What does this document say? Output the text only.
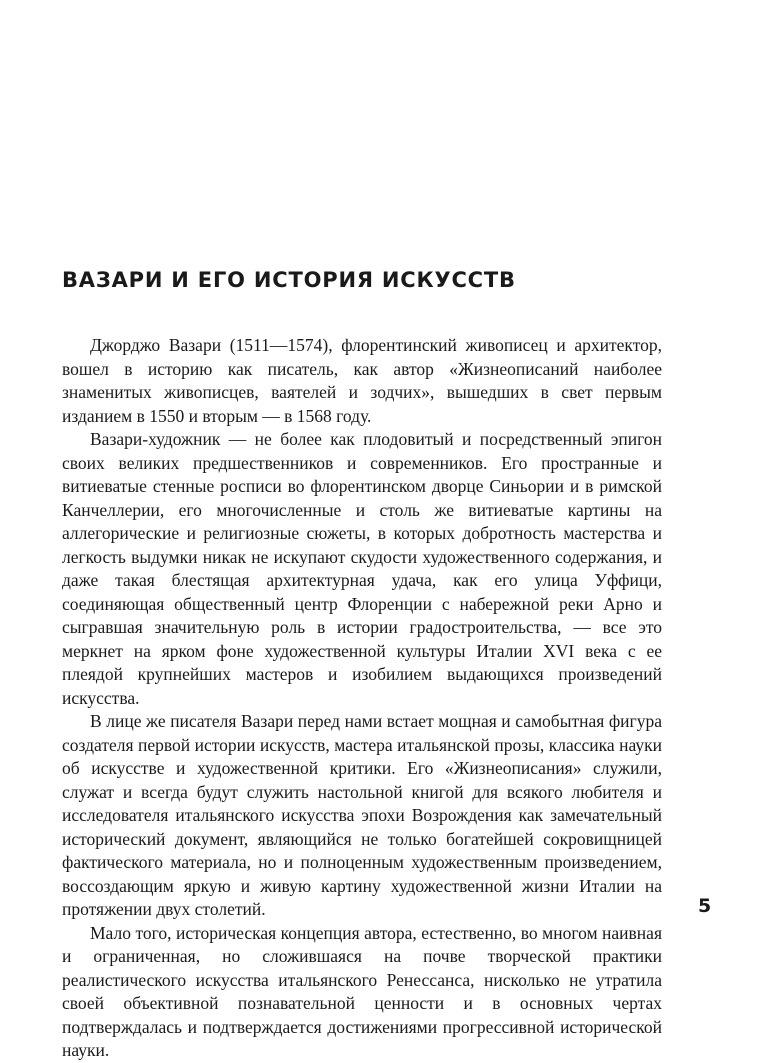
ВАЗАРИ И ЕГО ИСТОРИЯ ИСКУССТВ

Джорджо Вазари (1511—1574), флорентинский живописец и архитектор, вошел в историю как писатель, как автор «Жизнеописаний наиболее знаменитых живописцев, ваятелей и зодчих», вышедших в свет первым изданием в 1550 и вторым — в 1568 году.

Вазари-художник — не более как плодовитый и посредственный эпигон своих великих предшественников и современников. Его пространные и витиеватые стенные росписи во флорентинском дворце Синьории и в римской Канчеллерии, его многочисленные и столь же витиеватые картины на аллегорические и религиозные сюжеты, в которых добротность мастерства и легкость выдумки никак не искупают скудости художественного содержания, и даже такая блестящая архитектурная удача, как его улица Уффици, соединяющая общественный центр Флоренции с набережной реки Арно и сыгравшая значительную роль в истории градостроительства, — все это меркнет на ярком фоне художественной культуры Италии XVI века с ее плеядой крупнейших мастеров и изобилием выдающихся произведений искусства.

В лице же писателя Вазари перед нами встает мощная и самобытная фигура создателя первой истории искусств, мастера итальянской прозы, классика науки об искусстве и художественной критики. Его «Жизнеописания» служили, служат и всегда будут служить настольной книгой для всякого любителя и исследователя итальянского искусства эпохи Возрождения как замечательный исторический документ, являющийся не только богатейшей сокровищницей фактического материала, но и полноценным художественным произведением, воссоздающим яркую и живую картину художественной жизни Италии на протяжении двух столетий.

Мало того, историческая концепция автора, естественно, во многом наивная и ограниченная, но сложившаяся на почве творческой практики реалистического искусства итальянского Ренессанса, нисколько не утратила своей объективной познавательной ценности и в основных чертах подтверждалась и подтверждается достижениями прогрессивной исторической науки.

5
